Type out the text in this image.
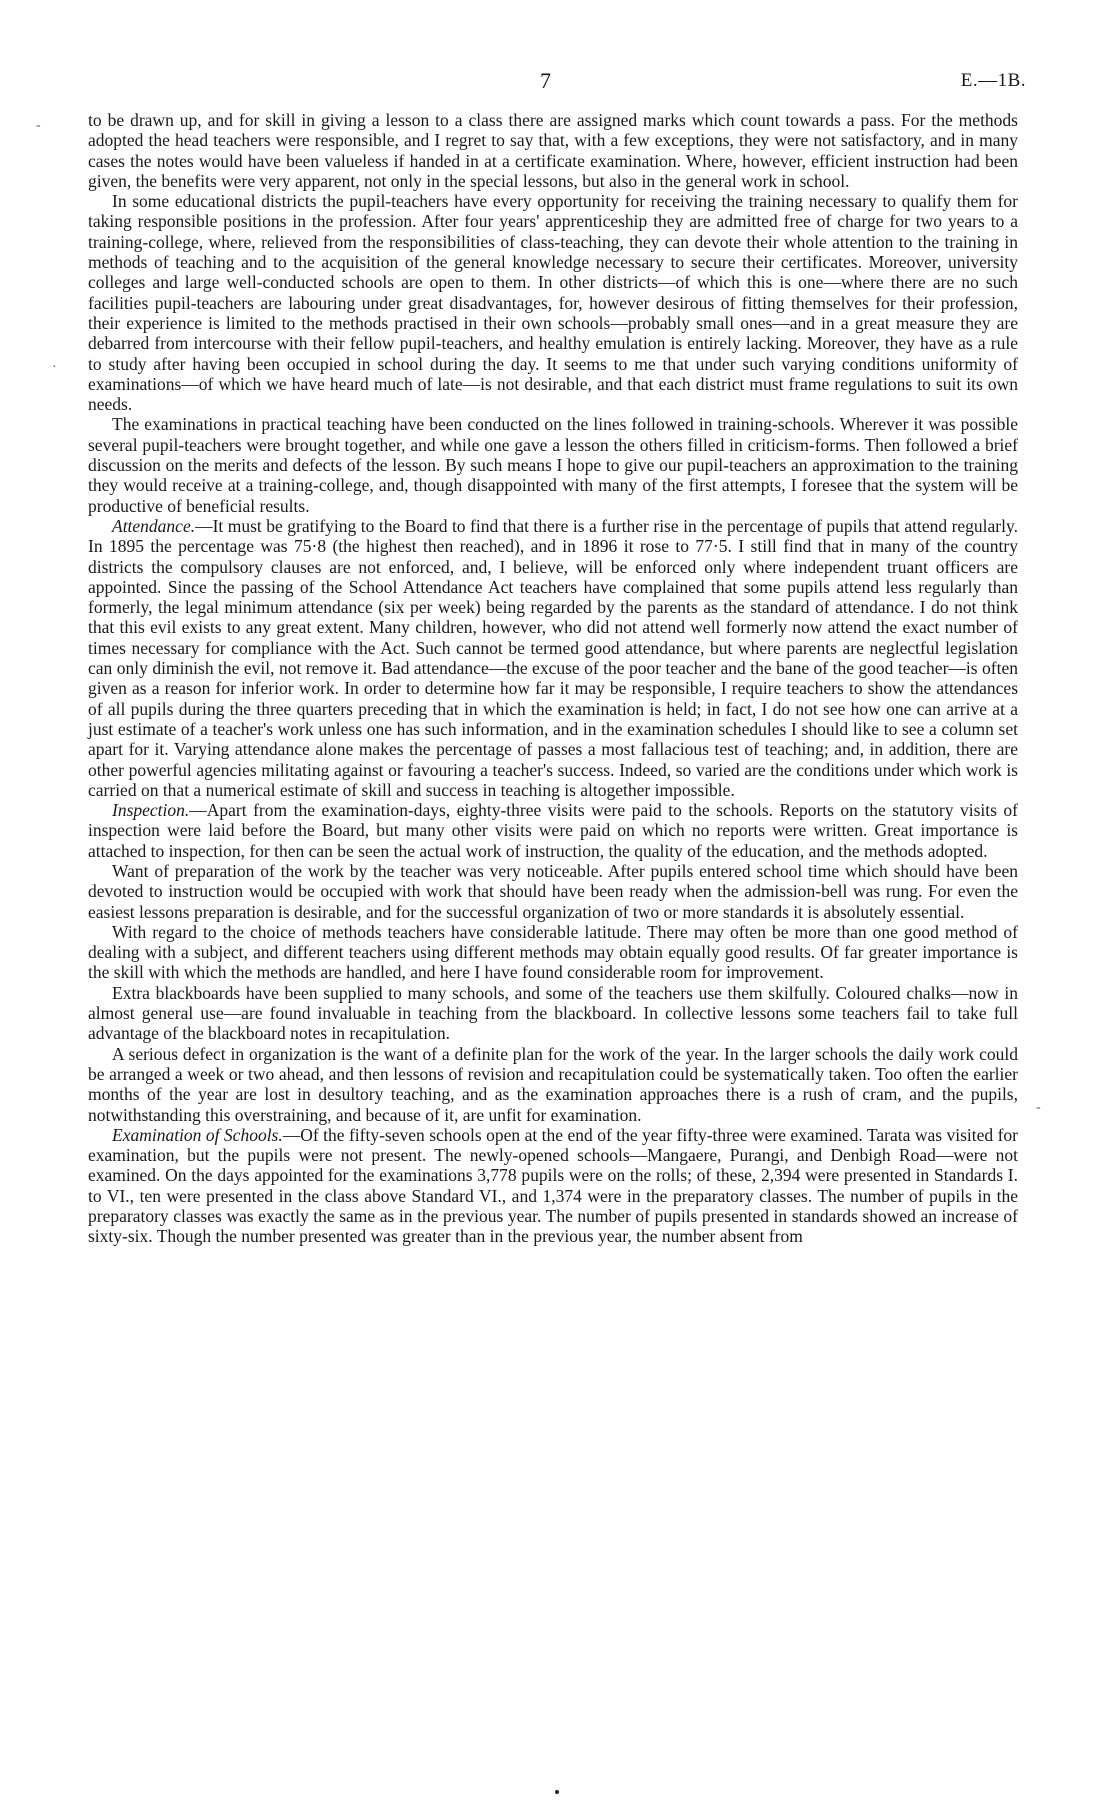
7	E.—1B.

to be drawn up, and for skill in giving a lesson to a class there are assigned marks which count towards a pass. For the methods adopted the head teachers were responsible, and I regret to say that, with a few exceptions, they were not satisfactory, and in many cases the notes would have been valueless if handed in at a certificate examination. Where, however, efficient instruction had been given, the benefits were very apparent, not only in the special lessons, but also in the general work in school.

In some educational districts the pupil-teachers have every opportunity for receiving the training necessary to qualify them for taking responsible positions in the profession. After four years' apprenticeship they are admitted free of charge for two years to a training-college, where, relieved from the responsibilities of class-teaching, they can devote their whole attention to the training in methods of teaching and to the acquisition of the general knowledge necessary to secure their certificates. Moreover, university colleges and large well-conducted schools are open to them. In other districts—of which this is one—where there are no such facilities pupil-teachers are labouring under great disadvantages, for, however desirous of fitting themselves for their profession, their experience is limited to the methods practised in their own schools—probably small ones—and in a great measure they are debarred from intercourse with their fellow pupil-teachers, and healthy emulation is entirely lacking. Moreover, they have as a rule to study after having been occupied in school during the day. It seems to me that under such varying conditions uniformity of examinations—of which we have heard much of late—is not desirable, and that each district must frame regulations to suit its own needs.

The examinations in practical teaching have been conducted on the lines followed in training-schools. Wherever it was possible several pupil-teachers were brought together, and while one gave a lesson the others filled in criticism-forms. Then followed a brief discussion on the merits and defects of the lesson. By such means I hope to give our pupil-teachers an approximation to the training they would receive at a training-college, and, though disappointed with many of the first attempts, I foresee that the system will be productive of beneficial results.

Attendance.—It must be gratifying to the Board to find that there is a further rise in the percentage of pupils that attend regularly. In 1895 the percentage was 75·8 (the highest then reached), and in 1896 it rose to 77·5. I still find that in many of the country districts the compulsory clauses are not enforced, and, I believe, will be enforced only where independent truant officers are appointed. Since the passing of the School Attendance Act teachers have complained that some pupils attend less regularly than formerly, the legal minimum attendance (six per week) being regarded by the parents as the standard of attendance. I do not think that this evil exists to any great extent. Many children, however, who did not attend well formerly now attend the exact number of times necessary for compliance with the Act. Such cannot be termed good attendance, but where parents are neglectful legislation can only diminish the evil, not remove it. Bad attendance—the excuse of the poor teacher and the bane of the good teacher—is often given as a reason for inferior work. In order to determine how far it may be responsible, I require teachers to show the attendances of all pupils during the three quarters preceding that in which the examination is held; in fact, I do not see how one can arrive at a just estimate of a teacher's work unless one has such information, and in the examination schedules I should like to see a column set apart for it. Varying attendance alone makes the percentage of passes a most fallacious test of teaching; and, in addition, there are other powerful agencies militating against or favouring a teacher's success. Indeed, so varied are the conditions under which work is carried on that a numerical estimate of skill and success in teaching is altogether impossible.

Inspection.—Apart from the examination-days, eighty-three visits were paid to the schools. Reports on the statutory visits of inspection were laid before the Board, but many other visits were paid on which no reports were written. Great importance is attached to inspection, for then can be seen the actual work of instruction, the quality of the education, and the methods adopted.

Want of preparation of the work by the teacher was very noticeable. After pupils entered school time which should have been devoted to instruction would be occupied with work that should have been ready when the admission-bell was rung. For even the easiest lessons preparation is desirable, and for the successful organization of two or more standards it is absolutely essential.

With regard to the choice of methods teachers have considerable latitude. There may often be more than one good method of dealing with a subject, and different teachers using different methods may obtain equally good results. Of far greater importance is the skill with which the methods are handled, and here I have found considerable room for improvement.

Extra blackboards have been supplied to many schools, and some of the teachers use them skilfully. Coloured chalks—now in almost general use—are found invaluable in teaching from the blackboard. In collective lessons some teachers fail to take full advantage of the blackboard notes in recapitulation.

A serious defect in organization is the want of a definite plan for the work of the year. In the larger schools the daily work could be arranged a week or two ahead, and then lessons of revision and recapitulation could be systematically taken. Too often the earlier months of the year are lost in desultory teaching, and as the examination approaches there is a rush of cram, and the pupils, notwithstanding this overstraining, and because of it, are unfit for examination.

Examination of Schools.—Of the fifty-seven schools open at the end of the year fifty-three were examined. Tarata was visited for examination, but the pupils were not present. The newly-opened schools—Mangaere, Purangi, and Denbigh Road—were not examined. On the days appointed for the examinations 3,778 pupils were on the rolls; of these, 2,394 were presented in Standards I. to VI., ten were presented in the class above Standard VI., and 1,374 were in the preparatory classes. The number of pupils in the preparatory classes was exactly the same as in the previous year. The number of pupils presented in standards showed an increase of sixty-six. Though the number presented was greater than in the previous year, the number absent from

-
·
-
